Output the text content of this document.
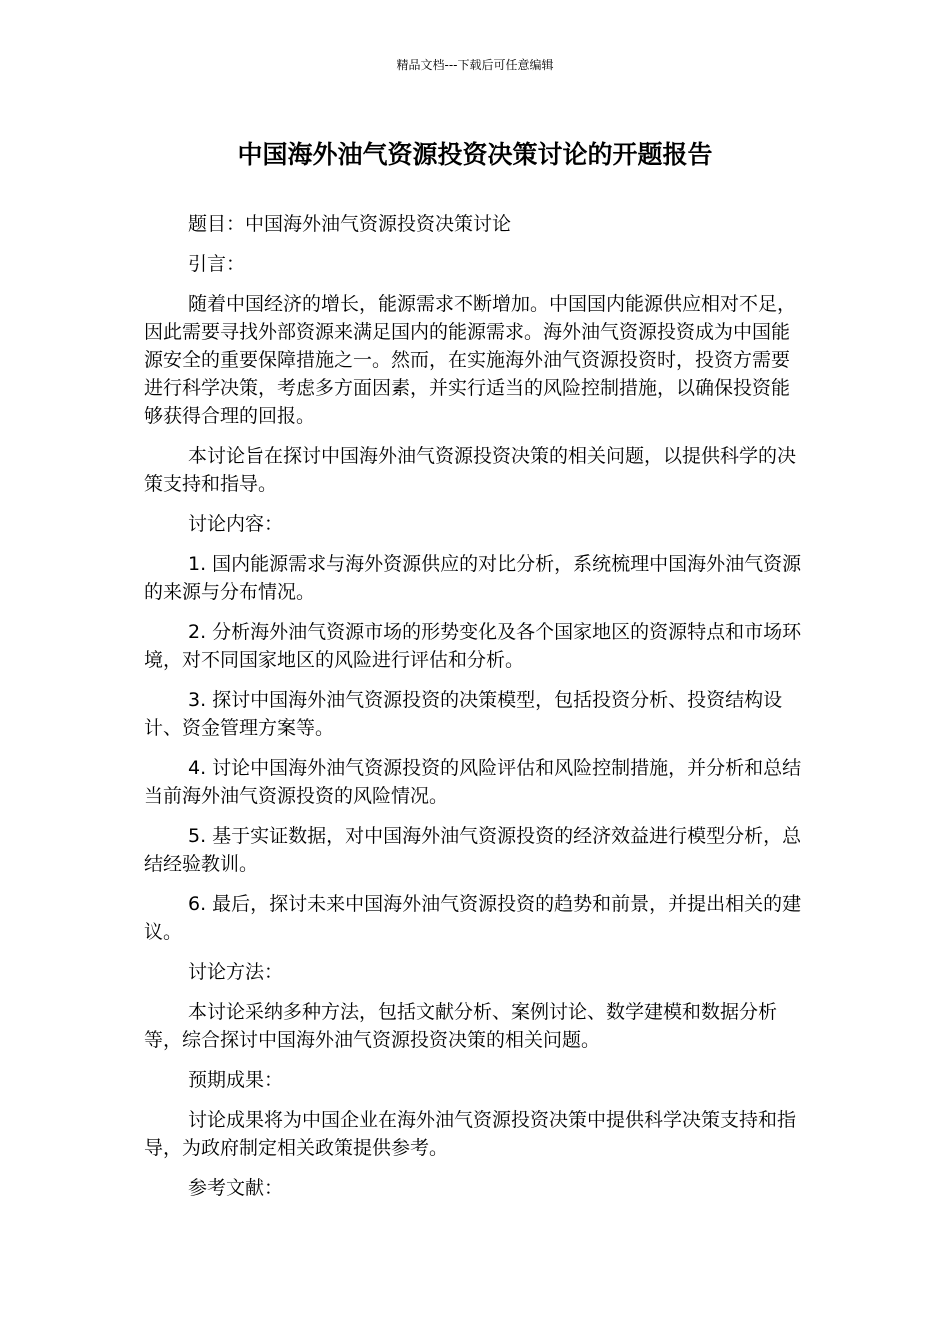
精品文档---下载后可任意编辑
中国海外油气资源投资决策讨论的开题报告

题目：中国海外油气资源投资决策讨论

引言：

随着中国经济的增长，能源需求不断增加。中国国内能源供应相对不足，因此需要寻找外部资源来满足国内的能源需求。海外油气资源投资成为中国能源安全的重要保障措施之一。然而，在实施海外油气资源投资时，投资方需要进行科学决策，考虑多方面因素，并实行适当的风险控制措施，以确保投资能够获得合理的回报。

本讨论旨在探讨中国海外油气资源投资决策的相关问题，以提供科学的决策支持和指导。

讨论内容：

1. 国内能源需求与海外资源供应的对比分析，系统梳理中国海外油气资源的来源与分布情况。

2. 分析海外油气资源市场的形势变化及各个国家地区的资源特点和市场环境，对不同国家地区的风险进行评估和分析。

3. 探讨中国海外油气资源投资的决策模型，包括投资分析、投资结构设计、资金管理方案等。

4. 讨论中国海外油气资源投资的风险评估和风险控制措施，并分析和总结当前海外油气资源投资的风险情况。

5. 基于实证数据，对中国海外油气资源投资的经济效益进行模型分析，总结经验教训。

6. 最后，探讨未来中国海外油气资源投资的趋势和前景，并提出相关的建议。

讨论方法：

本讨论采纳多种方法，包括文献分析、案例讨论、数学建模和数据分析等，综合探讨中国海外油气资源投资决策的相关问题。

预期成果：

讨论成果将为中国企业在海外油气资源投资决策中提供科学决策支持和指导，为政府制定相关政策提供参考。

参考文献：
